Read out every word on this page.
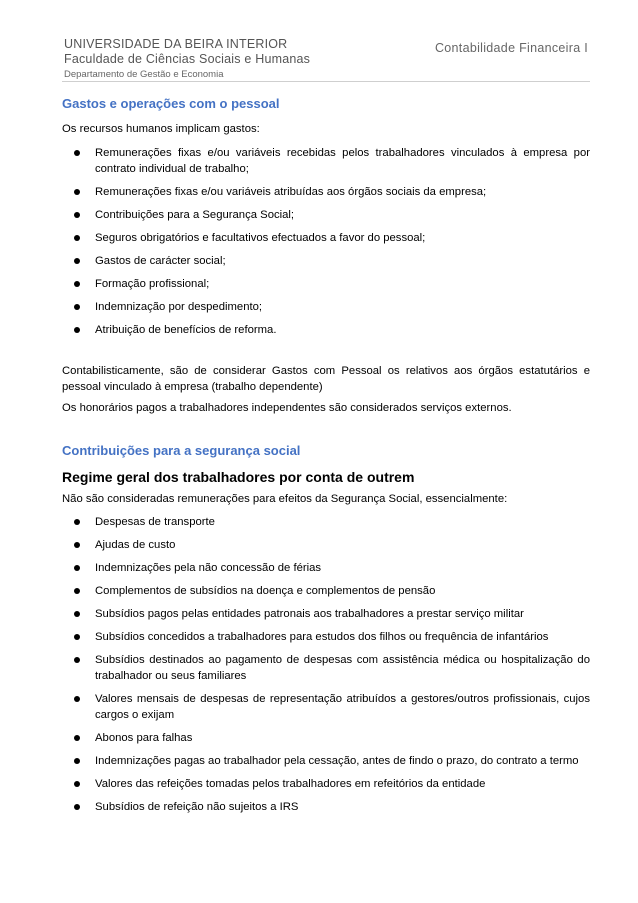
UNIVERSIDADE DA BEIRA INTERIOR
Faculdade de Ciências Sociais e Humanas
Departamento de Gestão e Economia
Contabilidade Financeira I
Gastos e operações com o pessoal
Os recursos humanos implicam gastos:
Remunerações fixas e/ou variáveis recebidas pelos trabalhadores vinculados à empresa por contrato individual de trabalho;
Remunerações fixas e/ou variáveis atribuídas aos órgãos sociais da empresa;
Contribuições para a Segurança Social;
Seguros obrigatórios e facultativos efectuados a favor do pessoal;
Gastos de carácter social;
Formação profissional;
Indemnização por despedimento;
Atribuição de benefícios de reforma.
Contabilisticamente, são de considerar Gastos com Pessoal os relativos aos órgãos estatutários e pessoal vinculado à empresa (trabalho dependente)
Os honorários pagos a trabalhadores independentes são considerados serviços externos.
Contribuições para a segurança social
Regime geral dos trabalhadores por conta de outrem
Não são consideradas remunerações para efeitos da Segurança Social, essencialmente:
Despesas de transporte
Ajudas de custo
Indemnizações pela não concessão de férias
Complementos de subsídios na doença e complementos de pensão
Subsídios pagos pelas entidades patronais aos trabalhadores a prestar serviço militar
Subsídios concedidos a trabalhadores para estudos dos filhos ou frequência de infantários
Subsídios destinados ao pagamento de despesas com assistência médica ou hospitalização do trabalhador ou seus familiares
Valores mensais de despesas de representação atribuídos a gestores/outros profissionais, cujos cargos o exijam
Abonos para falhas
Indemnizações pagas ao trabalhador pela cessação, antes de findo o prazo, do contrato a termo
Valores das refeições tomadas pelos trabalhadores em refeitórios da entidade
Subsídios de refeição não sujeitos a IRS
